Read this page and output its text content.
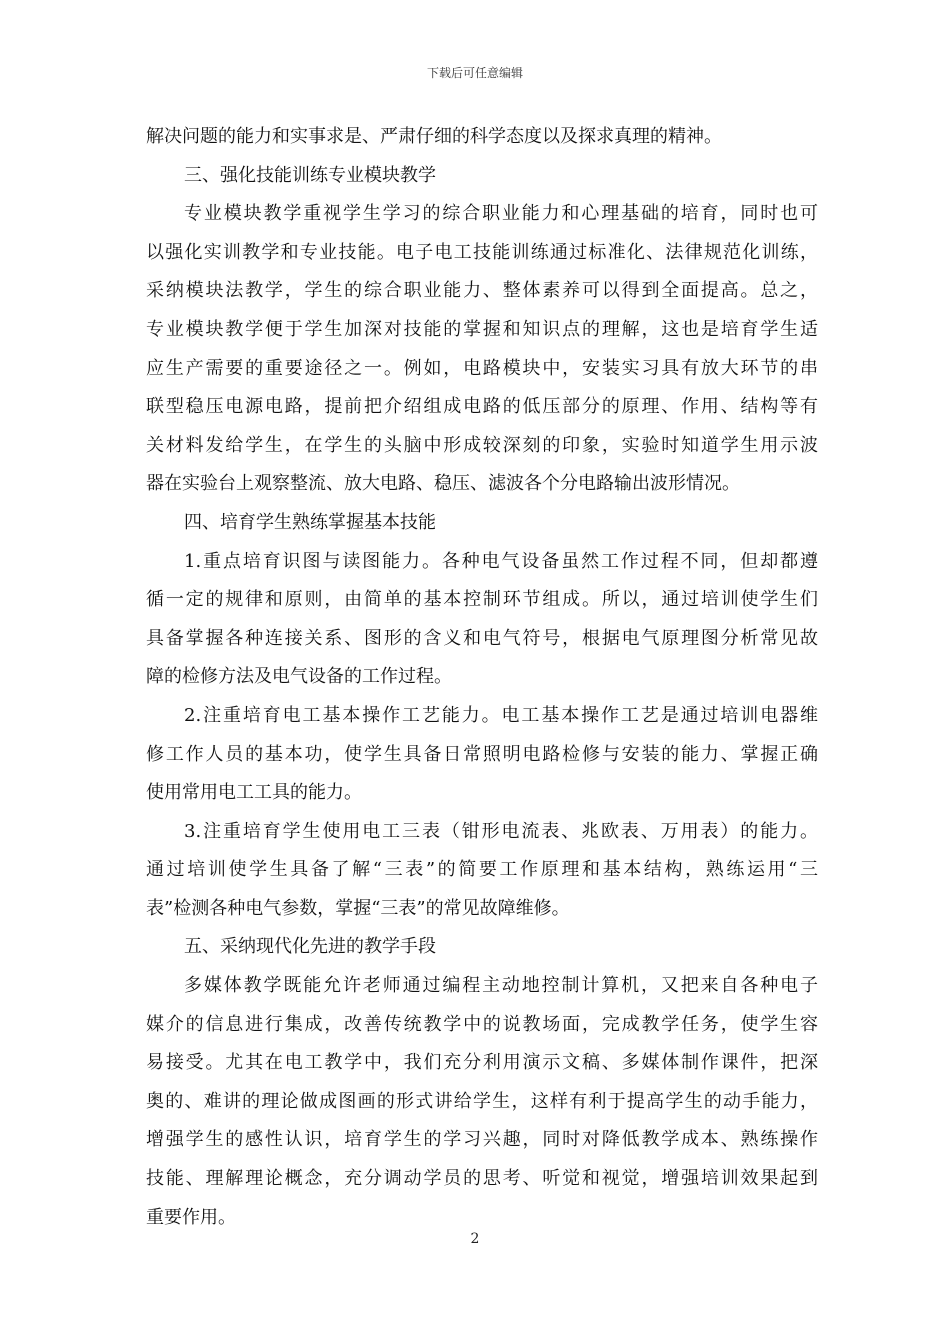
下载后可任意编辑
解决问题的能力和实事求是、严肃仔细的科学态度以及探求真理的精神。
三、强化技能训练专业模块教学
专业模块教学重视学生学习的综合职业能力和心理基础的培育，同时也可
以强化实训教学和专业技能。电子电工技能训练通过标准化、法律规范化训练，
采纳模块法教学，学生的综合职业能力、整体素养可以得到全面提高。总之，
专业模块教学便于学生加深对技能的掌握和知识点的理解，这也是培育学生适
应生产需要的重要途径之一。例如，电路模块中，安装实习具有放大环节的串
联型稳压电源电路，提前把介绍组成电路的低压部分的原理、作用、结构等有
关材料发给学生，在学生的头脑中形成较深刻的印象，实验时知道学生用示波
器在实验台上观察整流、放大电路、稳压、滤波各个分电路输出波形情况。
四、培育学生熟练掌握基本技能
1.重点培育识图与读图能力。各种电气设备虽然工作过程不同，但却都遵
循一定的规律和原则，由简单的基本控制环节组成。所以，通过培训使学生们
具备掌握各种连接关系、图形的含义和电气符号，根据电气原理图分析常见故
障的检修方法及电气设备的工作过程。
2.注重培育电工基本操作工艺能力。电工基本操作工艺是通过培训电器维
修工作人员的基本功，使学生具备日常照明电路检修与安装的能力、掌握正确
使用常用电工工具的能力。
3.注重培育学生使用电工三表（钳形电流表、兆欧表、万用表）的能力。
通过培训使学生具备了解“三表”的简要工作原理和基本结构，熟练运用“三
表”检测各种电气参数，掌握“三表”的常见故障维修。
五、采纳现代化先进的教学手段
多媒体教学既能允许老师通过编程主动地控制计算机，又把来自各种电子
媒介的信息进行集成，改善传统教学中的说教场面，完成教学任务，使学生容
易接受。尤其在电工教学中，我们充分利用演示文稿、多媒体制作课件，把深
奥的、难讲的理论做成图画的形式讲给学生，这样有利于提高学生的动手能力，
增强学生的感性认识，培育学生的学习兴趣，同时对降低教学成本、熟练操作
技能、理解理论概念，充分调动学员的思考、听觉和视觉，增强培训效果起到
重要作用。
2
